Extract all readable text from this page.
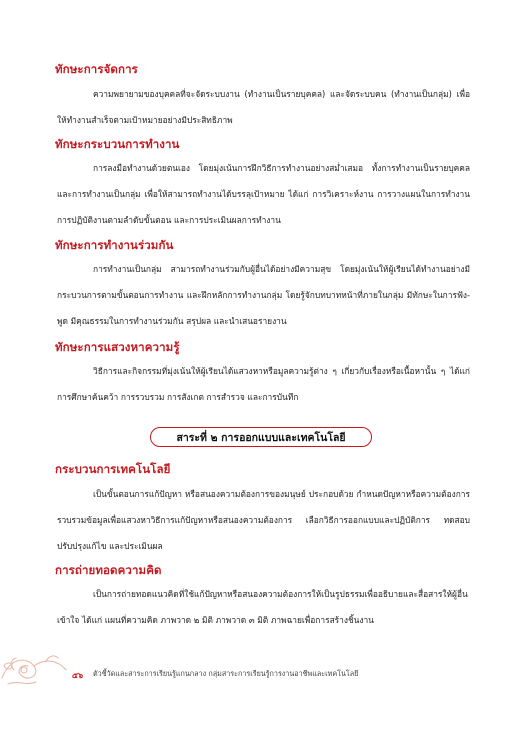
ทักษะการจัดการ

ความพยายามของบุคคลที่จะจัดระบบงาน (ทำงานเป็นรายบุคคล) และจัดระบบคน (ทำงานเป็นกลุ่ม) เพื่อให้ทำงานสำเร็จตามเป้าหมายอย่างมีประสิทธิภาพ

ทักษะกระบวนการทำงาน

การลงมือทำงานด้วยตนเอง โดยมุ่งเน้นการฝึกวิธีการทำงานอย่างสม่ำเสมอ ทั้งการทำงานเป็นรายบุคคล และการทำงานเป็นกลุ่ม เพื่อให้สามารถทำงานได้บรรลุเป้าหมาย ได้แก่ การวิเคราะห์งาน การวางแผนในการทำงาน การปฏิบัติงานตามลำดับขั้นตอน และการประเมินผลการทำงาน

ทักษะการทำงานร่วมกัน

การทำงานเป็นกลุ่ม สามารถทำงานร่วมกับผู้อื่นได้อย่างมีความสุข โดยมุ่งเน้นให้ผู้เรียนได้ทำงานอย่างมีกระบวนการตามขั้นตอนการทำงาน และฝึกหลักการทำงานกลุ่ม โดยรู้จักบทบาทหน้าที่ภายในกลุ่ม มีทักษะในการฟัง-พูด มีคุณธรรมในการทำงานร่วมกัน สรุปผล และนำเสนอรายงาน

ทักษะการแสวงหาความรู้

วิธีการและกิจกรรมที่มุ่งเน้นให้ผู้เรียนได้แสวงหาหรือมูลความรู้ต่าง ๆ เกี่ยวกับเรื่องหรือเนื้อหานั้น ๆ ได้แก่ การศึกษาค้นคว้า การรวบรวม การสังเกต การสำรวจ และการบันทึก

สาระที่ ๒ การออกแบบและเทคโนโลยี
กระบวนการเทคโนโลยี

เป็นขั้นตอนการแก้ปัญหา หรือสนองความต้องการของมนุษย์ ประกอบด้วย กำหนดปัญหาหรือความต้องการ รวบรวมข้อมูลเพื่อแสวงหาวิธีการแก้ปัญหาหรือสนองความต้องการ เลือกวิธีการออกแบบและปฏิบัติการ ทดสอบ ปรับปรุงแก้ไข และประเมินผล

การถ่ายทอดความคิด

เป็นการถ่ายทอดแนวคิดที่ใช้แก้ปัญหาหรือสนองความต้องการให้เป็นรูปธรรมเพื่ออธิบายและสื่อสารให้ผู้อื่นเข้าใจ ได้แก่ แผนที่ความคิด ภาพวาด ๒ มิติ ภาพวาด ๓ มิติ ภาพฉายเพื่อการสร้างชิ้นงาน

๕๖ ตัวชี้วัดและสาระการเรียนรู้แกนกลาง กลุ่มสาระการเรียนรู้การงานอาชีพและเทคโนโลยี
